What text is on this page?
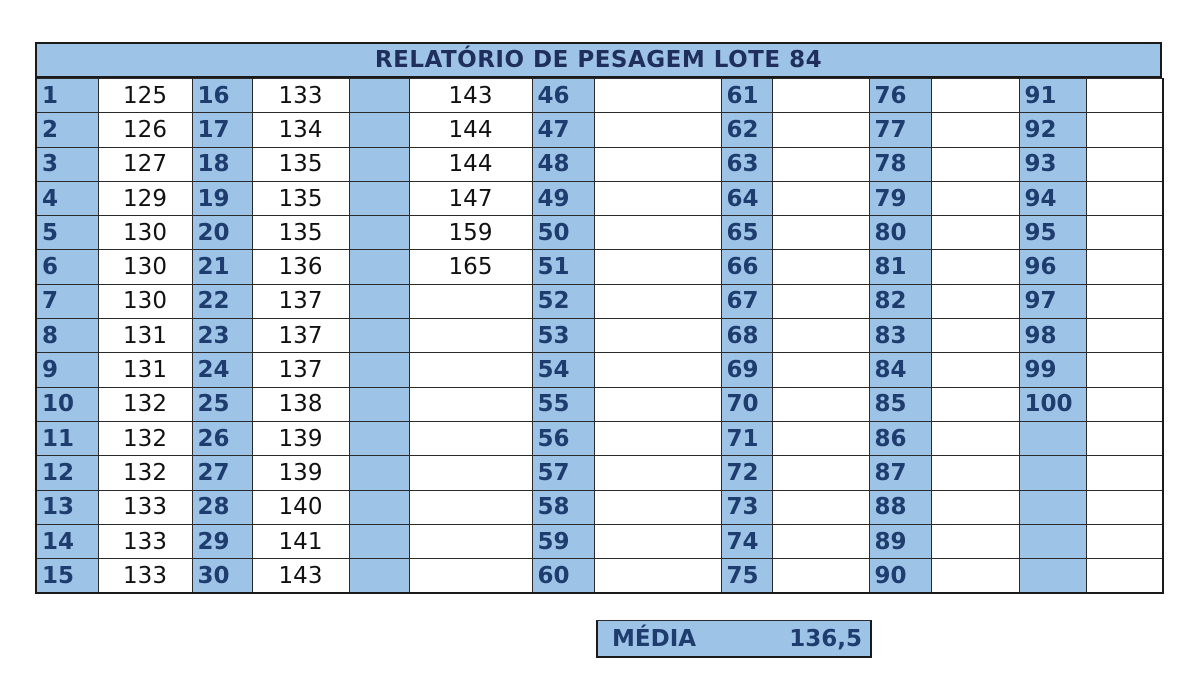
RELATÓRIO DE PESAGEM LOTE 84
1	125	16	133		143	46		61		76		91	
2	126	17	134		144	47		62		77		92	
3	127	18	135		144	48		63		78		93	
4	129	19	135		147	49		64		79		94	
5	130	20	135		159	50		65		80		95	
6	130	21	136		165	51		66		81		96	
7	130	22	137			52		67		82		97	
8	131	23	137			53		68		83		98	
9	131	24	137			54		69		84		99	
10	132	25	138			55		70		85		100	
11	132	26	139			56		71		86			
12	132	27	139			57		72		87			
13	133	28	140			58		73		88			
14	133	29	141			59		74		89			
15	133	30	143			60		75		90			
MÉDIA	136,5
